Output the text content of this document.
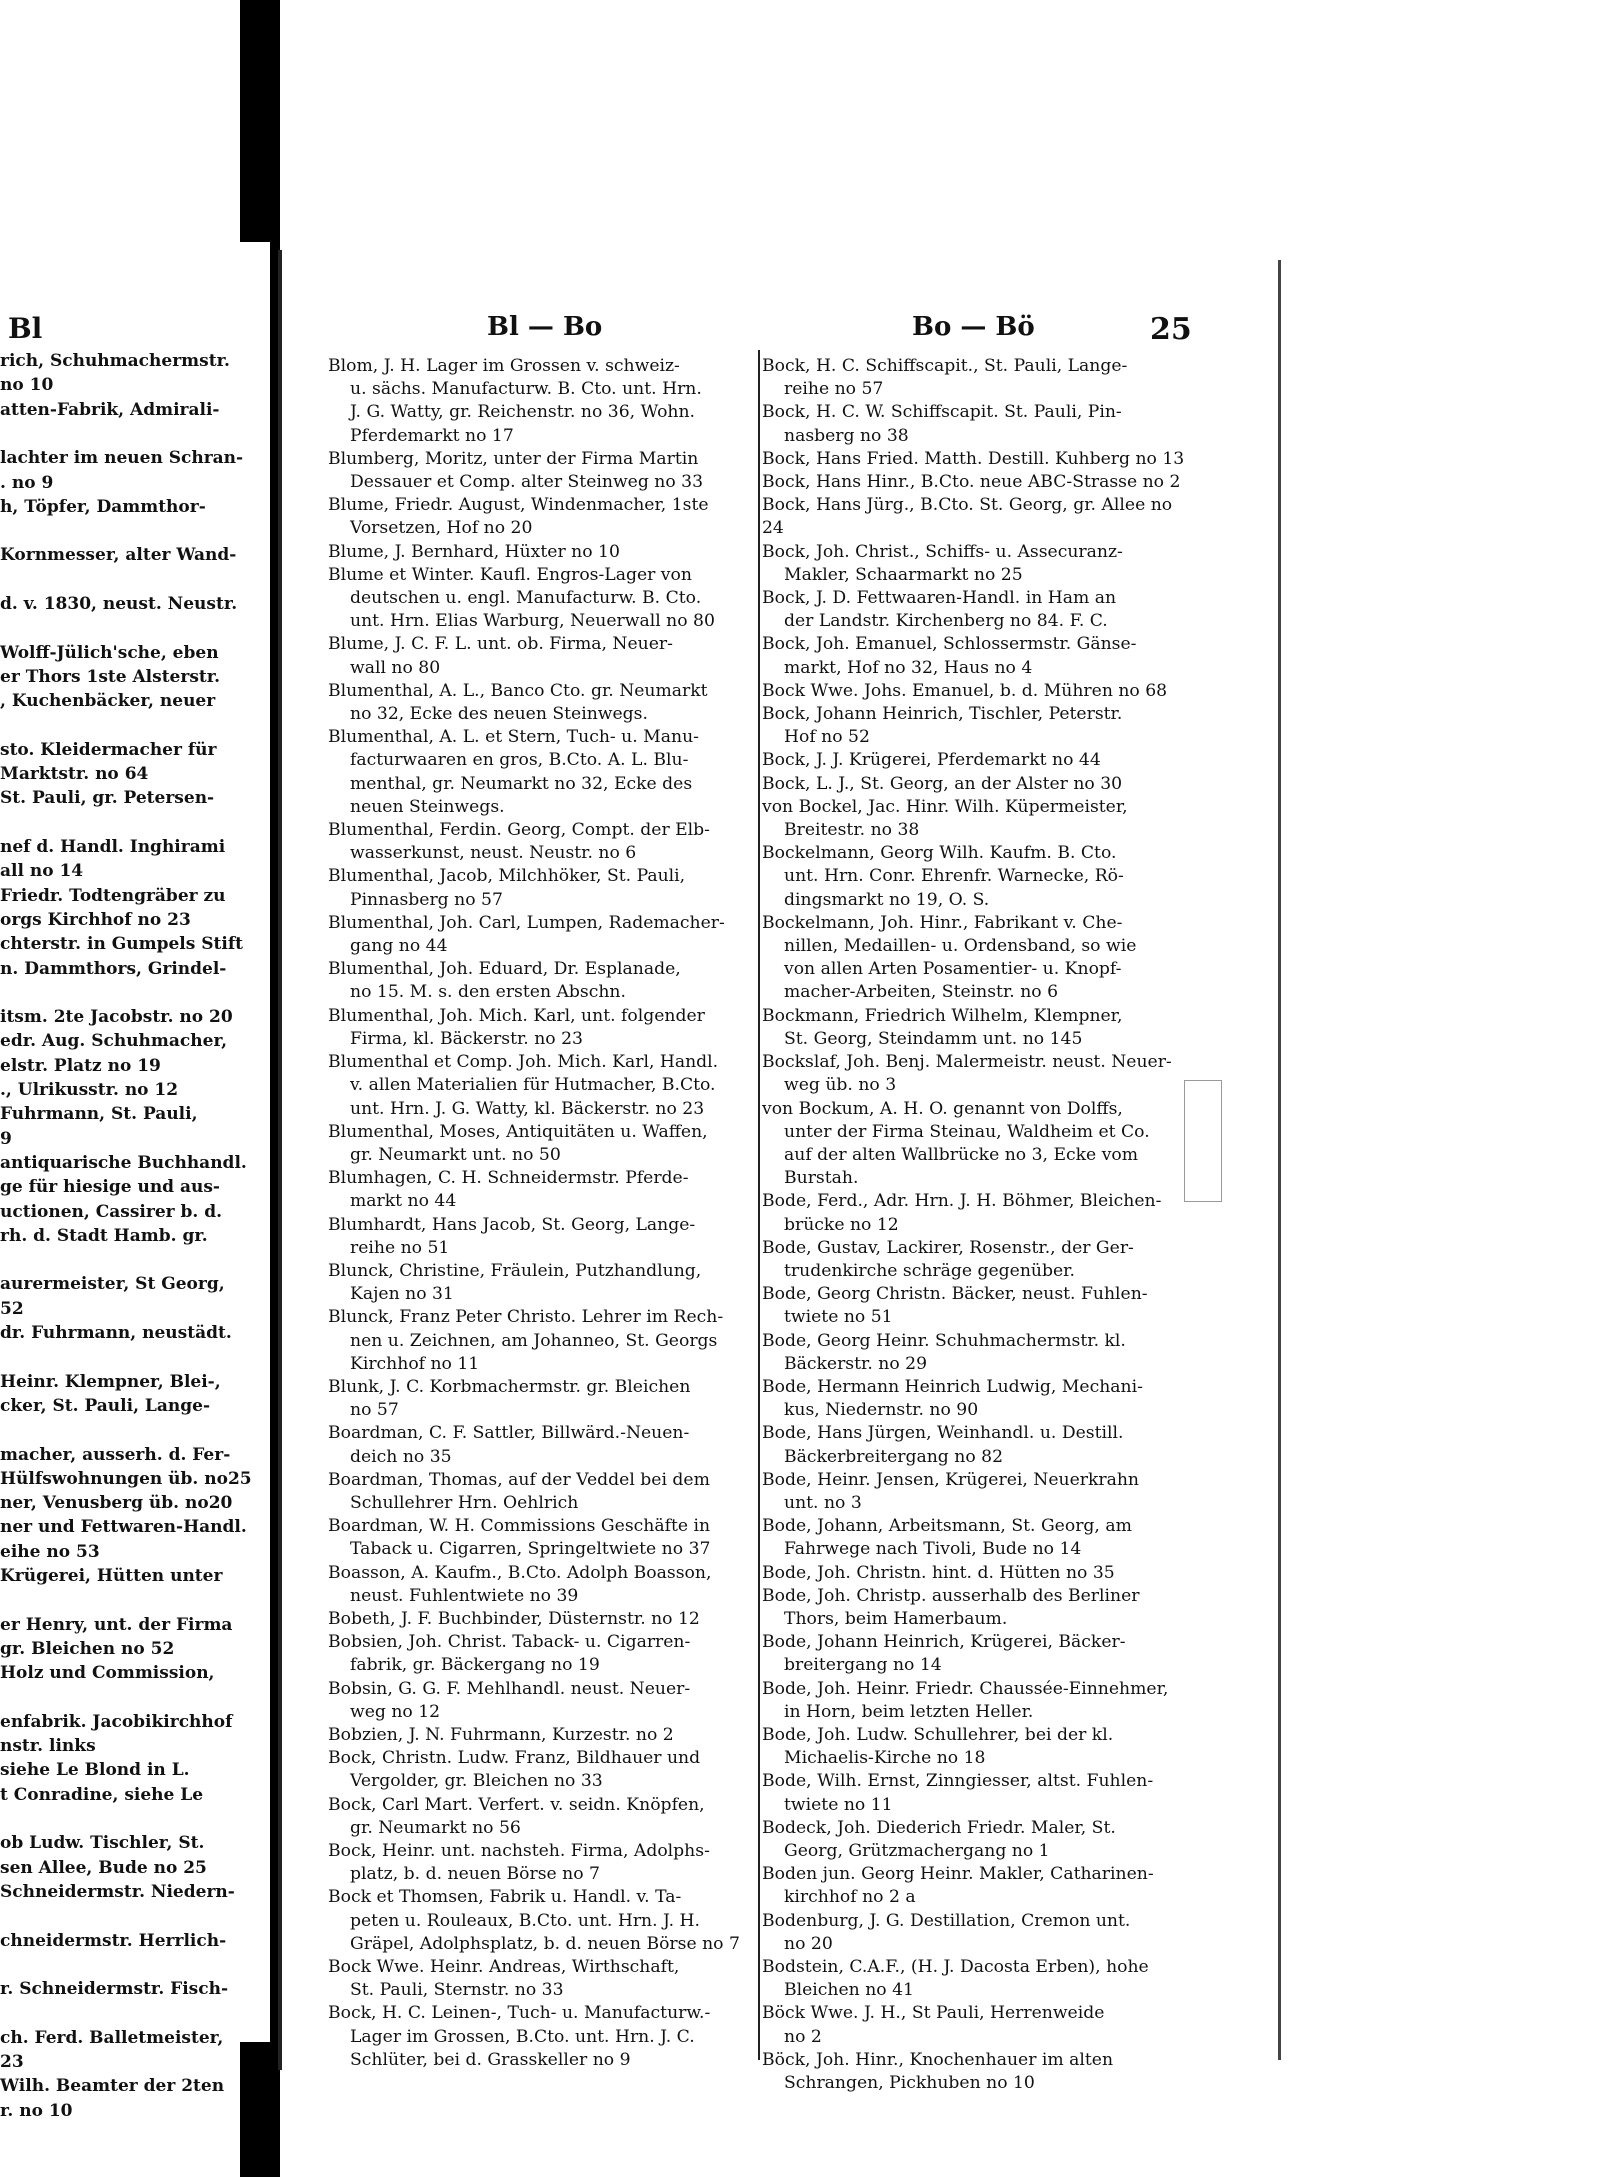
rich, Schuhmachermstr.
no 10
atten-Fabrik, Admirali-
lachter im neuen Schran-
. no 9
h, Töpfer, Dammthor-
Kornmesser, alter Wand-
d. v. 1830, neust. Neustr.
Wolff-Jülich'sche, eben
er Thors 1ste Alsterstr.
, Kuchenbäcker, neuer
sto. Kleidermacher für
Marktstr. no 64
St. Pauli, gr. Petersen-
nef d. Handl. Inghirami
all no 14
Friedr. Todtengräber zu
orgs Kirchhof no 23
chterstr. in Gumpels Stift
n. Dammthors, Grindel-
itsm. 2te Jacobstr. no 20
edr. Aug. Schuhmacher,
elstr. Platz no 19
., Ulrikusstr. no 12
Fuhrmann, St. Pauli,
9
antiquarische Buchhandl.
ge für hiesige und aus-
uctionen, Cassirer b. d.
rh. d. Stadt Hamb. gr.
aurermeister, St Georg,
52
dr. Fuhrmann, neustädt.
Heinr. Klempner, Blei-,
cker, St. Pauli, Lange-
macher, ausserh. d. Fer-
Hülfswohnungen üb. no25
ner, Venusberg üb. no20
ner und Fettwaren-Handl.
eihe no 53
Krügerei, Hütten unter
er Henry, unt. der Firma
gr. Bleichen no 52
Holz und Commission,
enfabrik. Jacobikirchhof
nstr. links
siehe Le Blond in L.
t Conradine, siehe Le
ob Ludw. Tischler, St.
sen Allee, Bude no 25
Schneidermstr. Niedern-
chneidermstr. Herrlich-
r. Schneidermstr. Fisch-
ch. Ferd. Balletmeister,
23
Wilh. Beamter der 2ten
r. no 10
Bl	Bl — Bo	Bo — Bö	25
Blom, J. H. Lager im Grossen v. schweiz-
u. sächs. Manufacturw. B. Cto. unt. Hrn.
J. G. Watty, gr. Reichenstr. no 36, Wohn.
Pferdemarkt no 17
Blumberg, Moritz, unter der Firma Martin
Dessauer et Comp. alter Steinweg no 33
Blume, Friedr. August, Windenmacher, 1ste
Vorsetzen, Hof no 20
Blume, J. Bernhard, Hüxter no 10
Blume et Winter. Kaufl. Engros-Lager von
deutschen u. engl. Manufacturw. B. Cto.
unt. Hrn. Elias Warburg, Neuerwall no 80
Blume, J. C. F. L. unt. ob. Firma, Neuer-
wall no 80
Blumenthal, A. L., Banco Cto. gr. Neumarkt
no 32, Ecke des neuen Steinwegs.
Blumenthal, A. L. et Stern, Tuch- u. Manu-
facturwaaren en gros, B.Cto. A. L. Blu-
menthal, gr. Neumarkt no 32, Ecke des
neuen Steinwegs.
Blumenthal, Ferdin. Georg, Compt. der Elb-
wasserkunst, neust. Neustr. no 6
Blumenthal, Jacob, Milchhöker, St. Pauli,
Pinnasberg no 57
Blumenthal, Joh. Carl, Lumpen, Rademacher-
gang no 44
Blumenthal, Joh. Eduard, Dr. Esplanade,
no 15. M. s. den ersten Abschn.
Blumenthal, Joh. Mich. Karl, unt. folgender
Firma, kl. Bäckerstr. no 23
Blumenthal et Comp. Joh. Mich. Karl, Handl.
v. allen Materialien für Hutmacher, B.Cto.
unt. Hrn. J. G. Watty, kl. Bäckerstr. no 23
Blumenthal, Moses, Antiquitäten u. Waffen,
gr. Neumarkt unt. no 50
Blumhagen, C. H. Schneidermstr. Pferde-
markt no 44
Blumhardt, Hans Jacob, St. Georg, Lange-
reihe no 51
Blunck, Christine, Fräulein, Putzhandlung,
Kajen no 31
Blunck, Franz Peter Christo. Lehrer im Rech-
nen u. Zeichnen, am Johanneo, St. Georgs
Kirchhof no 11
Blunk, J. C. Korbmachermstr. gr. Bleichen
no 57
Boardman, C. F. Sattler, Billwärd.-Neuen-
deich no 35
Boardman, Thomas, auf der Veddel bei dem
Schullehrer Hrn. Oehlrich
Boardman, W. H. Commissions Geschäfte in
Taback u. Cigarren, Springeltwiete no 37
Boasson, A. Kaufm., B.Cto. Adolph Boasson,
neust. Fuhlentwiete no 39
Bobeth, J. F. Buchbinder, Düsternstr. no 12
Bobsien, Joh. Christ. Taback- u. Cigarren-
fabrik, gr. Bäckergang no 19
Bobsin, G. G. F. Mehlhandl. neust. Neuer-
weg no 12
Bobzien, J. N. Fuhrmann, Kurzestr. no 2
Bock, Christn. Ludw. Franz, Bildhauer und
Vergolder, gr. Bleichen no 33
Bock, Carl Mart. Verfert. v. seidn. Knöpfen,
gr. Neumarkt no 56
Bock, Heinr. unt. nachsteh. Firma, Adolphs-
platz, b. d. neuen Börse no 7
Bock et Thomsen, Fabrik u. Handl. v. Ta-
peten u. Rouleaux, B.Cto. unt. Hrn. J. H.
Gräpel, Adolphsplatz, b. d. neuen Börse no 7
Bock Wwe. Heinr. Andreas, Wirthschaft,
St. Pauli, Sternstr. no 33
Bock, H. C. Leinen-, Tuch- u. Manufacturw.-
Lager im Grossen, B.Cto. unt. Hrn. J. C.
Schlüter, bei d. Grasskeller no 9
Bock, H. C. Schiffscapit., St. Pauli, Lange-
reihe no 57
Bock, H. C. W. Schiffscapit. St. Pauli, Pin-
nasberg no 38
Bock, Hans Fried. Matth. Destill. Kuhberg no 13
Bock, Hans Hinr., B.Cto. neue ABC-Strasse no 2
Bock, Hans Jürg., B.Cto. St. Georg, gr. Allee no 24
Bock, Joh. Christ., Schiffs- u. Assecuranz-
Makler, Schaarmarkt no 25
Bock, J. D. Fettwaaren-Handl. in Ham an
der Landstr. Kirchenberg no 84. F. C.
Bock, Joh. Emanuel, Schlossermstr. Gänse-
markt, Hof no 32, Haus no 4
Bock Wwe. Johs. Emanuel, b. d. Mühren no 68
Bock, Johann Heinrich, Tischler, Peterstr.
Hof no 52
Bock, J. J. Krügerei, Pferdemarkt no 44
Bock, L. J., St. Georg, an der Alster no 30
von Bockel, Jac. Hinr. Wilh. Küpermeister,
Breitestr. no 38
Bockelmann, Georg Wilh. Kaufm. B. Cto.
unt. Hrn. Conr. Ehrenfr. Warnecke, Rö-
dingsmarkt no 19, O. S.
Bockelmann, Joh. Hinr., Fabrikant v. Che-
nillen, Medaillen- u. Ordensband, so wie
von allen Arten Posamentier- u. Knopf-
macher-Arbeiten, Steinstr. no 6
Bockmann, Friedrich Wilhelm, Klempner,
St. Georg, Steindamm unt. no 145
Bockslaf, Joh. Benj. Malermeistr. neust. Neuer-
weg üb. no 3
von Bockum, A. H. O. genannt von Dolffs,
unter der Firma Steinau, Waldheim et Co.
auf der alten Wallbrücke no 3, Ecke vom
Burstah.
Bode, Ferd., Adr. Hrn. J. H. Böhmer, Bleichen-
brücke no 12
Bode, Gustav, Lackirer, Rosenstr., der Ger-
trudenkirche schräge gegenüber.
Bode, Georg Christn. Bäcker, neust. Fuhlen-
twiete no 51
Bode, Georg Heinr. Schuhmachermstr. kl.
Bäckerstr. no 29
Bode, Hermann Heinrich Ludwig, Mechani-
kus, Niedernstr. no 90
Bode, Hans Jürgen, Weinhandl. u. Destill.
Bäckerbreitergang no 82
Bode, Heinr. Jensen, Krügerei, Neuerkrahn
unt. no 3
Bode, Johann, Arbeitsmann, St. Georg, am
Fahrwege nach Tivoli, Bude no 14
Bode, Joh. Christn. hint. d. Hütten no 35
Bode, Joh. Christp. ausserhalb des Berliner
Thors, beim Hamerbaum.
Bode, Johann Heinrich, Krügerei, Bäcker-
breitergang no 14
Bode, Joh. Heinr. Friedr. Chaussée-Einnehmer,
in Horn, beim letzten Heller.
Bode, Joh. Ludw. Schullehrer, bei der kl.
Michaelis-Kirche no 18
Bode, Wilh. Ernst, Zinngiesser, altst. Fuhlen-
twiete no 11
Bodeck, Joh. Diederich Friedr. Maler, St.
Georg, Grützmachergang no 1
Boden jun. Georg Heinr. Makler, Catharinen-
kirchhof no 2 a
Bodenburg, J. G. Destillation, Cremon unt.
no 20
Bodstein, C.A.F., (H. J. Dacosta Erben), hohe
Bleichen no 41
Böck Wwe. J. H., St Pauli, Herrenweide
no 2
Böck, Joh. Hinr., Knochenhauer im alten
Schrangen, Pickhuben no 10
